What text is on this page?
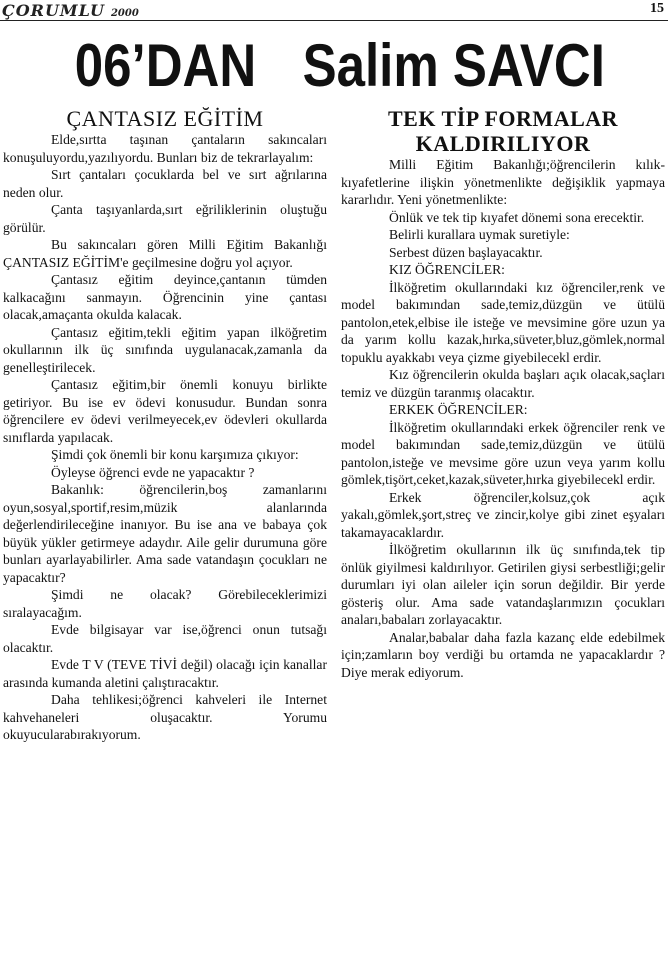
ÇORUMLU 2000	15
06’DAN Salim SAVCI
ÇANTASIZ EĞİTİM

Elde,sırtta taşınan çantaların sakıncaları konuşuluyordu,yazılıyordu. Bunları biz de tekrarlayalım:

Sırt çantaları çocuklarda bel ve sırt ağrılarına neden olur.

Çanta taşıyanlarda,sırt eğriliklerinin oluştuğu görülür.

Bu sakıncaları gören Milli Eğitim Bakanlığı ÇANTASIZ EĞİTİM'e geçilmesine doğru yol açıyor.

Çantasız eğitim deyince,çantanın tümden kalkacağını sanmayın. Öğrencinin yine çantası olacak,amaçanta okulda kalacak.

Çantasız eğitim,tekli eğitim yapan ilköğretim okullarının ilk üç sınıfında uygulanacak,zamanla da genelleştirilecek.

Çantasız eğitim,bir önemli konuyu birlikte getiriyor. Bu ise ev ödevi konusudur. Bundan sonra öğrencilere ev ödevi verilmeyecek,ev ödevleri okullarda sınıflarda yapılacak.

Şimdi çok önemli bir konu karşımıza çıkıyor:

Öyleyse öğrenci evde ne yapacaktır ?

Bakanlık: öğrencilerin,boş zamanlarını oyun,sosyal,sportif,resim,müzik alanlarında değerlendirileceğine inanıyor. Bu ise ana ve babaya çok büyük yükler getirmeye adaydır. Aile gelir durumuna göre bunları ayarlayabilirler. Ama sade vatandaşın çocukları ne yapacaktır?

Şimdi ne olacak? Görebileceklerimizi sıralayacağım.

Evde bilgisayar var ise,öğrenci onun tutsağı olacaktır.

Evde T V (TEVE TİVİ değil) olacağı için kanallar arasında kumanda aletini çalıştıracaktır.

Daha tehlikesi;öğrenci kahveleri ile Internet kahvehaneleri oluşacaktır. Yorumu okuyucularabırakıyorum.

TEK TİP FORMALAR KALDIRILIYOR

Milli Eğitim Bakanlığı;öğrencilerin kılık-kıyafetlerine ilişkin yönetmenlikte değişiklik yapmaya kararlıdır. Yeni yönetmenlikte:

Önlük ve tek tip kıyafet dönemi sona erecektir.

Belirli kurallara uymak suretiyle:

Serbest düzen başlayacaktır.

KIZ ÖĞRENCİLER:

İlköğretim okullarındaki kız öğrenciler,renk ve model bakımından sade,temiz,düzgün ve ütülü pantolon,etek,elbise ile isteğe ve mevsimine göre uzun ya da yarım kollu kazak,hırka,süveter,bluz,gömlek,normal topuklu ayakkabı veya çizme giyebilecekl erdir.

Kız öğrencilerin okulda başları açık olacak,saçları temiz ve düzgün taranmış olacaktır.

ERKEK ÖĞRENCİLER:

İlköğretim okullarındaki erkek öğrenciler renk ve model bakımından sade,temiz,düzgün ve ütülü pantolon,isteğe ve mevsime göre uzun veya yarım kollu gömlek,tişört,ceket,kazak,süveter,hırka giyebilecekl erdir.

Erkek öğrenciler,kolsuz,çok açık yakalı,gömlek,şort,streç ve zincir,kolye gibi zinet eşyaları takamayacaklardır.

İlköğretim okullarının ilk üç sınıfında,tek tip önlük giyilmesi kaldırılıyor. Getirilen giysi serbestliği;gelir durumları iyi olan aileler için sorun değildir. Bir yerde gösteriş olur. Ama sade vatandaşlarımızın çocukları anaları,babaları zorlayacaktır.

Analar,babalar daha fazla kazanç elde edebilmek için;zamların boy verdiği bu ortamda ne yapacaklardır ? Diye merak ediyorum.
